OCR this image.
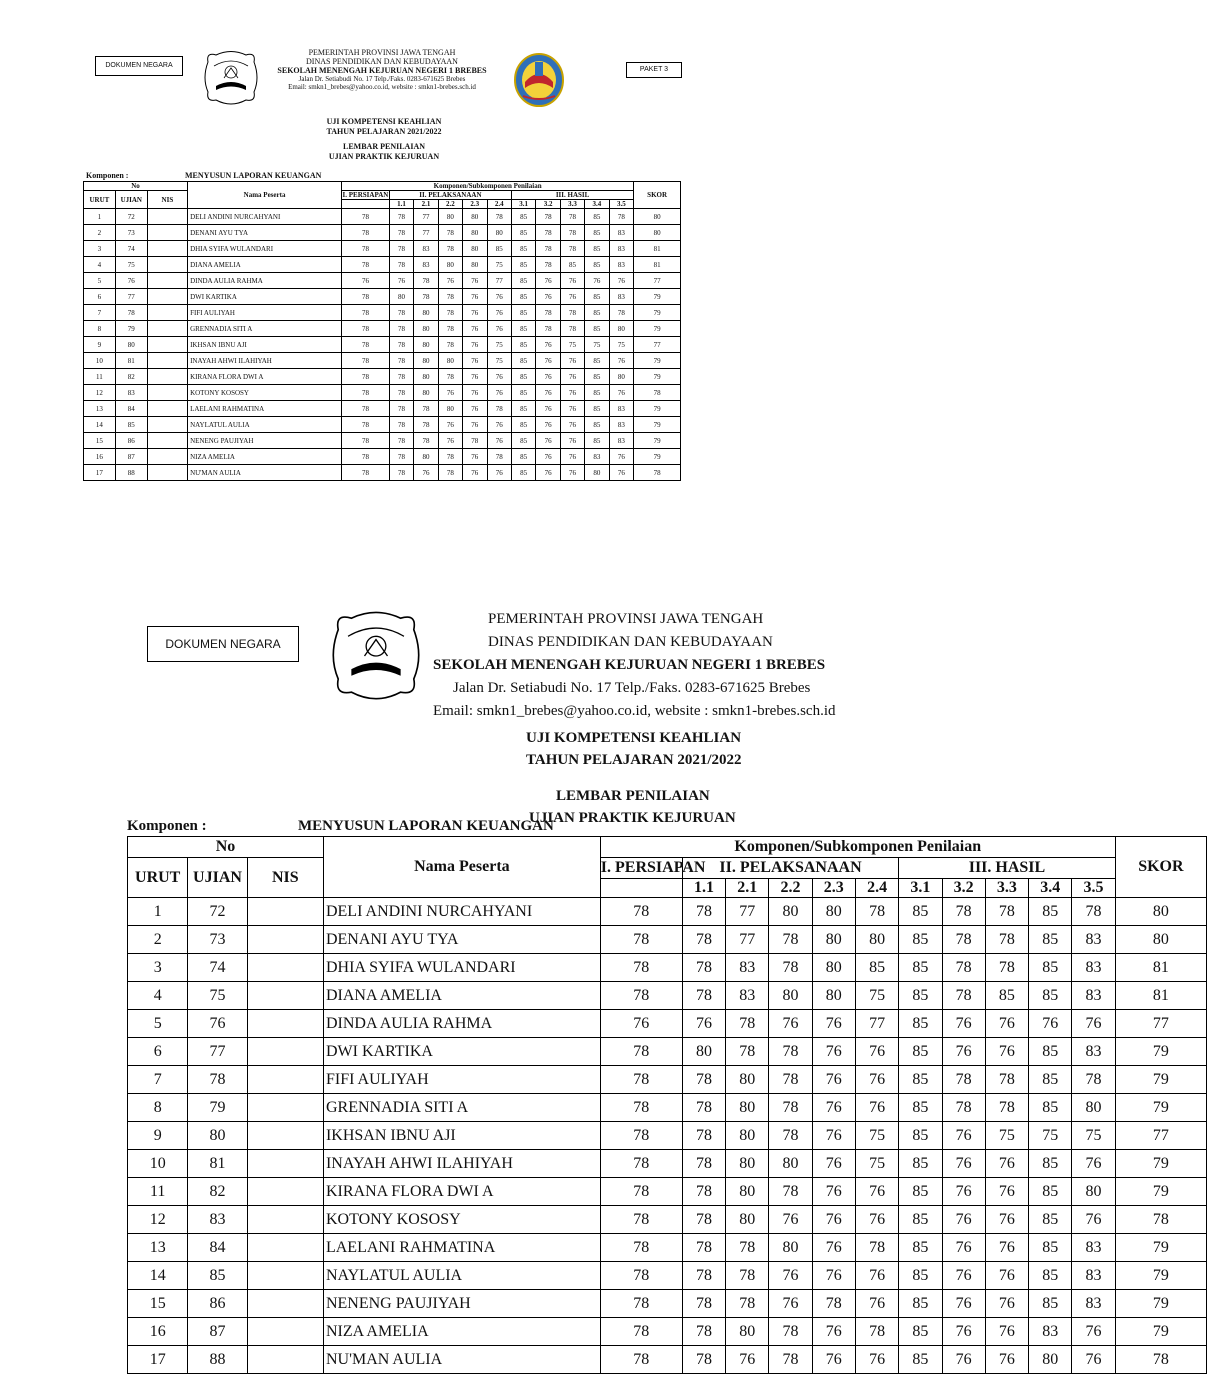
DOKUMEN NEGARA
PEMERINTAH PROVINSI JAWA TENGAH
DINAS PENDIDIKAN DAN KEBUDAYAAN
SEKOLAH MENENGAH KEJURUAN NEGERI 1 BREBES
Jalan Dr. Setiabudi No. 17 Telp./Faks. 0283-671625 Brebes
Email: smkn1_brebes@yahoo.co.id, website : smkn1-brebes.sch.id
PAKET 3
UJI KOMPETENSI KEAHLIAN
TAHUN PELAJARAN 2021/2022
LEMBAR PENILAIAN
UJIAN PRAKTIK KEJURUAN
Komponen :	MENYUSUN LAPORAN KEUANGAN
No			Nama Peserta	Komponen/Subkomponen Penilaian											SKOR
URUT	UJIAN	NIS		I. PERSIAPAN	II. PELAKSANAAN					III. HASIL					
					1.1	2.1	2.2	2.3	2.4	3.1	3.2	3.3	3.4	3.5	
1	72		DELI ANDINI NURCAHYANI	78	78	77	80	80	78	85	78	78	85	78	80
2	73		DENANI AYU TYA	78	78	77	78	80	80	85	78	78	85	83	80
3	74		DHIA SYIFA WULANDARI	78	78	83	78	80	85	85	78	78	85	83	81
4	75		DIANA AMELIA	78	78	83	80	80	75	85	78	85	85	83	81
5	76		DINDA AULIA RAHMA	76	76	78	76	76	77	85	76	76	76	76	77
6	77		DWI KARTIKA	78	80	78	78	76	76	85	76	76	85	83	79
7	78		FIFI AULIYAH	78	78	80	78	76	76	85	78	78	85	78	79
8	79		GRENNADIA SITI A	78	78	80	78	76	76	85	78	78	85	80	79
9	80		IKHSAN IBNU AJI	78	78	80	78	76	75	85	76	75	75	75	77
10	81		INAYAH AHWI ILAHIYAH	78	78	80	80	76	75	85	76	76	85	76	79
11	82		KIRANA FLORA DWI A	78	78	80	78	76	76	85	76	76	85	80	79
12	83		KOTONY KOSOSY	78	78	80	76	76	76	85	76	76	85	76	78
13	84		LAELANI RAHMATINA	78	78	78	80	76	78	85	76	76	85	83	79
14	85		NAYLATUL AULIA	78	78	78	76	76	76	85	76	76	85	83	79
15	86		NENENG PAUJIYAH	78	78	78	76	78	76	85	76	76	85	83	79
16	87		NIZA AMELIA	78	78	80	78	76	78	85	76	76	83	76	79
17	88		NU'MAN AULIA	78	78	76	78	76	76	85	76	76	80	76	78
DOKUMEN NEGARA
PEMERINTAH PROVINSI JAWA TENGAH
DINAS PENDIDIKAN DAN KEBUDAYAAN
SEKOLAH MENENGAH KEJURUAN NEGERI 1 BREBES
Jalan Dr. Setiabudi No. 17 Telp./Faks. 0283-671625 Brebes
Email: smkn1_brebes@yahoo.co.id, website : smkn1-brebes.sch.id
UJI KOMPETENSI KEAHLIAN
TAHUN PELAJARAN 2021/2022
LEMBAR PENILAIAN
UJIAN PRAKTIK KEJURUAN
Komponen :	MENYUSUN LAPORAN KEUANGAN
No			Nama Peserta	Komponen/Subkomponen Penilaian											SKOR
URUT	UJIAN	NIS		I. PERSIAPAN	II. PELAKSANAAN					III. HASIL					
					1.1	2.1	2.2	2.3	2.4	3.1	3.2	3.3	3.4	3.5	
1	72		DELI ANDINI NURCAHYANI	78	78	77	80	80	78	85	78	78	85	78	80
2	73		DENANI AYU TYA	78	78	77	78	80	80	85	78	78	85	83	80
3	74		DHIA SYIFA WULANDARI	78	78	83	78	80	85	85	78	78	85	83	81
4	75		DIANA AMELIA	78	78	83	80	80	75	85	78	85	85	83	81
5	76		DINDA AULIA RAHMA	76	76	78	76	76	77	85	76	76	76	76	77
6	77		DWI KARTIKA	78	80	78	78	76	76	85	76	76	85	83	79
7	78		FIFI AULIYAH	78	78	80	78	76	76	85	78	78	85	78	79
8	79		GRENNADIA SITI A	78	78	80	78	76	76	85	78	78	85	80	79
9	80		IKHSAN IBNU AJI	78	78	80	78	76	75	85	76	75	75	75	77
10	81		INAYAH AHWI ILAHIYAH	78	78	80	80	76	75	85	76	76	85	76	79
11	82		KIRANA FLORA DWI A	78	78	80	78	76	76	85	76	76	85	80	79
12	83		KOTONY KOSOSY	78	78	80	76	76	76	85	76	76	85	76	78
13	84		LAELANI RAHMATINA	78	78	78	80	76	78	85	76	76	85	83	79
14	85		NAYLATUL AULIA	78	78	78	76	76	76	85	76	76	85	83	79
15	86		NENENG PAUJIYAH	78	78	78	76	78	76	85	76	76	85	83	79
16	87		NIZA AMELIA	78	78	80	78	76	78	85	76	76	83	76	79
17	88		NU'MAN AULIA	78	78	76	78	76	76	85	76	76	80	76	78
